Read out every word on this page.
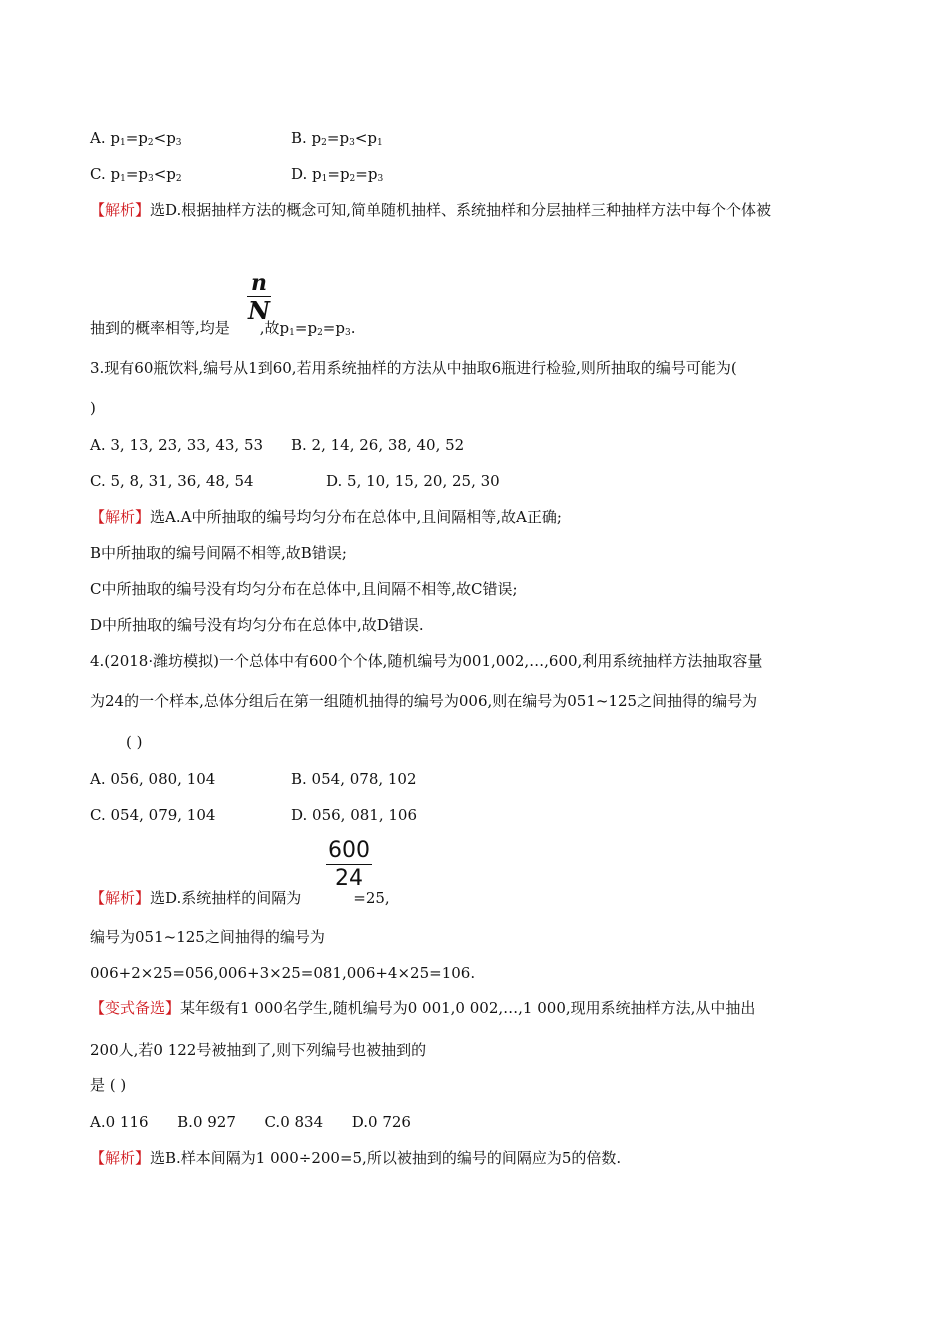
A. $p_1=p_2<p_3$	B. $p_2=p_3<p_1$
C. $p_1=p_3<p_2$	D. $p_1=p_2=p_3$
【解析】选D.根据抽样方法的概念可知,简单随机抽样、系统抽样和分层抽样三种抽样方法中每个个体被
n
N
抽到的概率相等,均是 ,故$p_1=p_2=p_3$.
3.现有60瓶饮料,编号从1到60,若用系统抽样的方法从中抽取6瓶进行检验,则所抽取的编号可能为(
)
A. 3, 13, 23, 33, 43, 53 B. 2, 14, 26, 38, 40, 52
C. 5, 8, 31, 36, 48, 54	D. 5, 10, 15, 20, 25, 30
【解析】选A.A中所抽取的编号均匀分布在总体中,且间隔相等,故A正确;
B中所抽取的编号间隔不相等,故B错误;
C中所抽取的编号没有均匀分布在总体中,且间隔不相等,故C错误;
D中所抽取的编号没有均匀分布在总体中,故D错误.
4.(2018·潍坊模拟)一个总体中有600个个体,随机编号为001,002,…,600,利用系统抽样方法抽取容量
为24的一个样本,总体分组后在第一组随机抽得的编号为006,则在编号为051~125之间抽得的编号为
( )
A. 056, 080, 104	B. 054, 078, 102
C. 054, 079, 104	D. 056, 081, 106
600
24
【解析】选D.系统抽样的间隔为	=25,
编号为051~125之间抽得的编号为
006+2×25=056,006+3×25=081,006+4×25=106.
【变式备选】某年级有1 000名学生,随机编号为0 001,0 002,…,1 000,现用系统抽样方法,从中抽出
200人,若0 122号被抽到了,则下列编号也被抽到的
是 ( )
A.0 116      B.0 927      C.0 834      D.0 726
【解析】选B.样本间隔为1 000÷200=5,所以被抽到的编号的间隔应为5的倍数.
